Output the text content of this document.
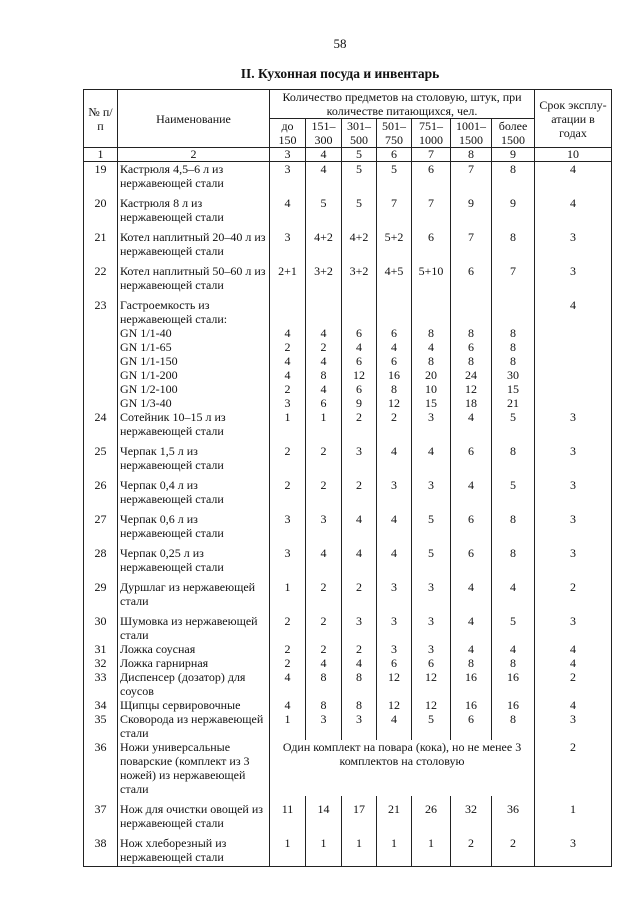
58
II. Кухонная посуда и инвентарь
№ п/п	Наименование	Количество предметов на столовую, штук, при количестве питающихся, чел.							Срок эксплу-атации в годах
		до 150	151–300	301–500	501–750	751–1000	1001–1500	более 1500	
1	2	3	4	5	6	7	8	9	10
19	Кастрюля 4,5–6 л из нержавеющей стали	3	4	5	5	6	7	8	4
20	Кастрюля 8 л из нержавеющей стали	4	5	5	7	7	9	9	4
21	Котел наплитный 20–40 л из нержавеющей стали	3	4+2	4+2	5+2	6	7	8	3
22	Котел наплитный 50–60 л из нержавеющей стали	2+1	3+2	3+2	4+5	5+10	6	7	3
23	Гастроемкость из нержавеющей стали:								4
	GN 1/1-40	4	4	6	6	8	8	8	
	GN 1/1-65	2	2	4	4	4	6	8	
	GN 1/1-150	4	4	6	6	8	8	8	
	GN 1/1-200	4	8	12	16	20	24	30	
	GN 1/2-100	2	4	6	8	10	12	15	
	GN 1/3-40	3	6	9	12	15	18	21	
24	Сотейник 10–15 л из нержавеющей стали	1	1	2	2	3	4	5	3
25	Черпак 1,5 л из нержавеющей стали	2	2	3	4	4	6	8	3
26	Черпак 0,4 л из нержавеющей стали	2	2	2	3	3	4	5	3
27	Черпак 0,6 л из нержавеющей стали	3	3	4	4	5	6	8	3
28	Черпак 0,25 л из нержавеющей стали	3	4	4	4	5	6	8	3
29	Дуршлаг из нержавеющей стали	1	2	2	3	3	4	4	2
30	Шумовка из нержавеющей стали	2	2	3	3	3	4	5	3
31	Ложка соусная	2	2	2	3	3	4	4	4
32	Ложка гарнирная	2	4	4	6	6	8	8	4
33	Диспенсер (дозатор) для соусов	4	8	8	12	12	16	16	2
34	Щипцы сервировочные	4	8	8	12	12	16	16	4
35	Сковорода из нержавеющей стали	1	3	3	4	5	6	8	3
36	Ножи универсальные поварские (комплект из 3 ножей) из нержавеющей стали	Один комплект на повара (кока), но не менее 3 комплектов на столовую							2
37	Нож для очистки овощей из нержавеющей стали	11	14	17	21	26	32	36	1
38	Нож хлеборезный из нержавеющей стали	1	1	1	1	1	2	2	3
